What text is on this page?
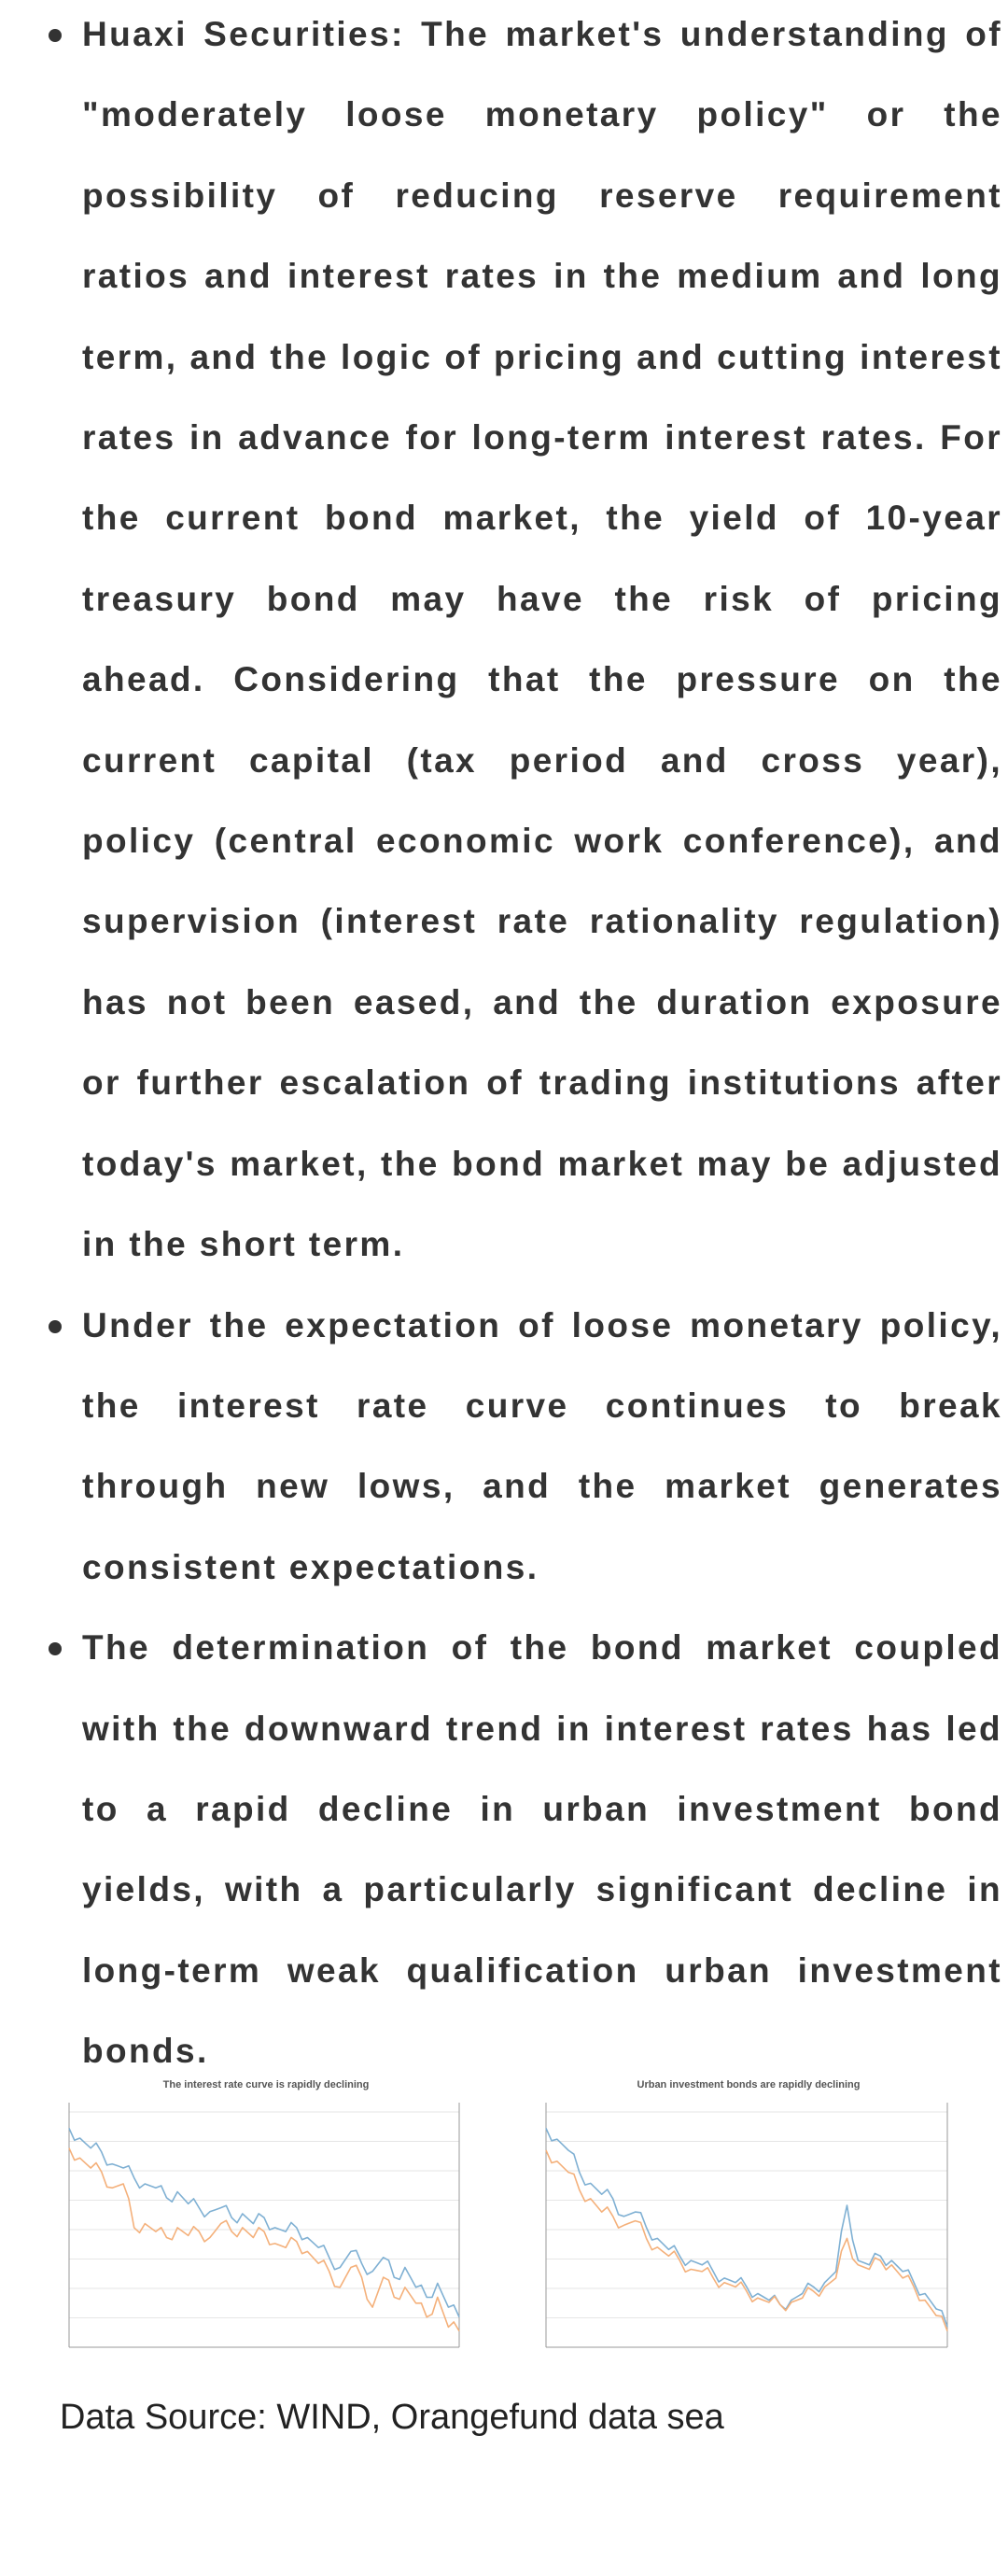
Huaxi Securities: The market's understanding of "moderately loose monetary policy" or the possibility of reducing reserve requirement ratios and interest rates in the medium and long term, and the logic of pricing and cutting interest rates in advance for long-term interest rates. For the current bond market, the yield of 10-year treasury bond may have the risk of pricing ahead. Considering that the pressure on the current capital (tax period and cross year), policy (central economic work conference), and supervision (interest rate rationality regulation) has not been eased, and the duration exposure or further escalation of trading institutions after today's market, the bond market may be adjusted in the short term.
Under the expectation of loose monetary policy, the interest rate curve continues to break through new lows, and the market generates consistent expectations.
The determination of the bond market coupled with the downward trend in interest rates has led to a rapid decline in urban investment bond yields, with a particularly significant decline in long-term weak qualification urban investment bonds.
The interest rate curve is rapidly declining	Urban investment bonds are rapidly declining
Data Source: WIND, Orangefund data sea
